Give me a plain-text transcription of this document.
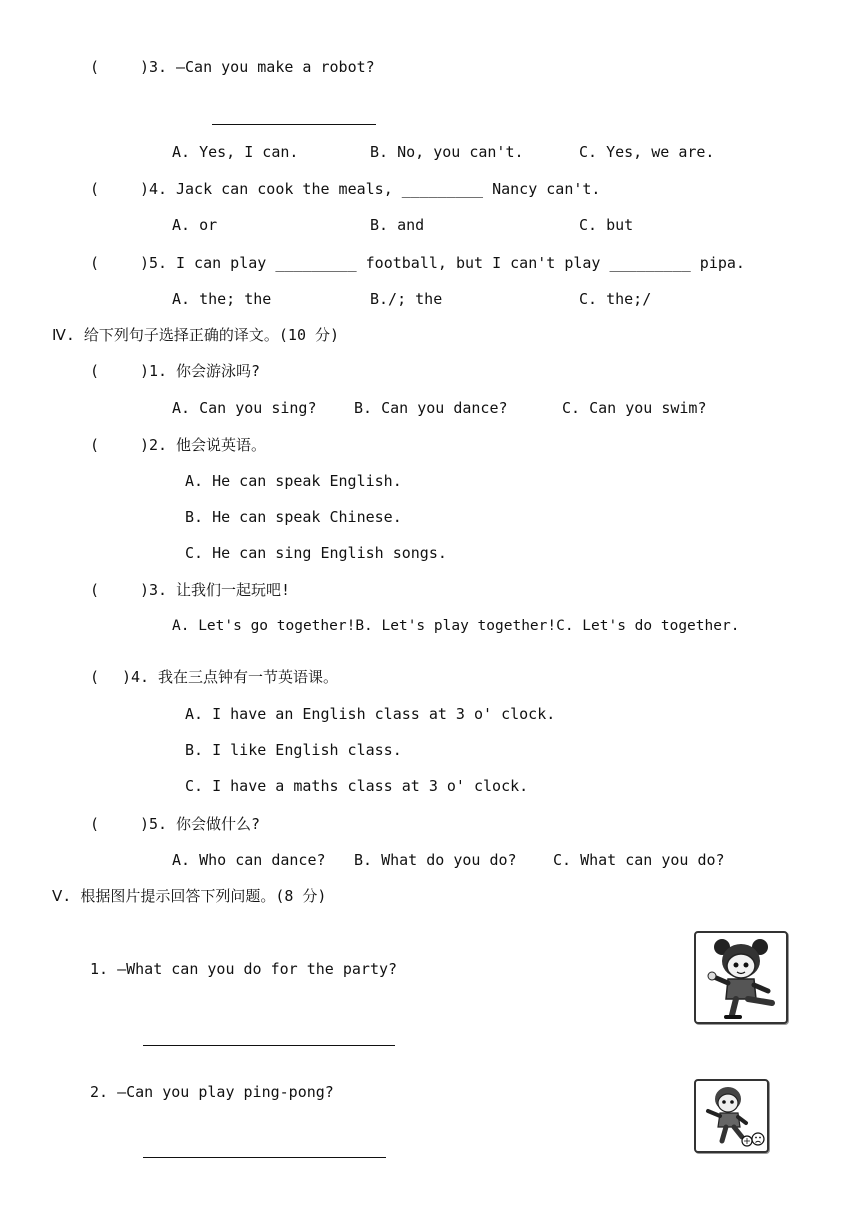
(	)3. —Can you make a robot?
A. Yes, I can.	B. No, you can't.	C. Yes, we are.
(	)4. Jack can cook the meals, _________ Nancy can't.
A. or	B. and	C. but
(	)5. I can play _________ football, but I can't play _________ pipa.
A. the; the	B./; the	C. the;/
Ⅳ. 给下列句子选择正确的译文。(10 分)
(	)1. 你会游泳吗?
A. Can you sing?	B. Can you dance?	C. Can you swim?
(	)2. 他会说英语。
A. He can speak English.
B. He can speak Chinese.
C. He can sing English songs.
(	)3. 让我们一起玩吧!
A. Let's go together!B. Let's play together!C. Let's do together.
( )4. 我在三点钟有一节英语课。
A. I have an English class at 3 o' clock.
B. I like English class.
C. I have a maths class at 3 o' clock.
(	)5. 你会做什么?
A. Who can dance? B. What do you do? C. What can you do?
Ⅴ. 根据图片提示回答下列问题。(8 分)
1. —What can you do for the party?
2. —Can you play ping-pong?
